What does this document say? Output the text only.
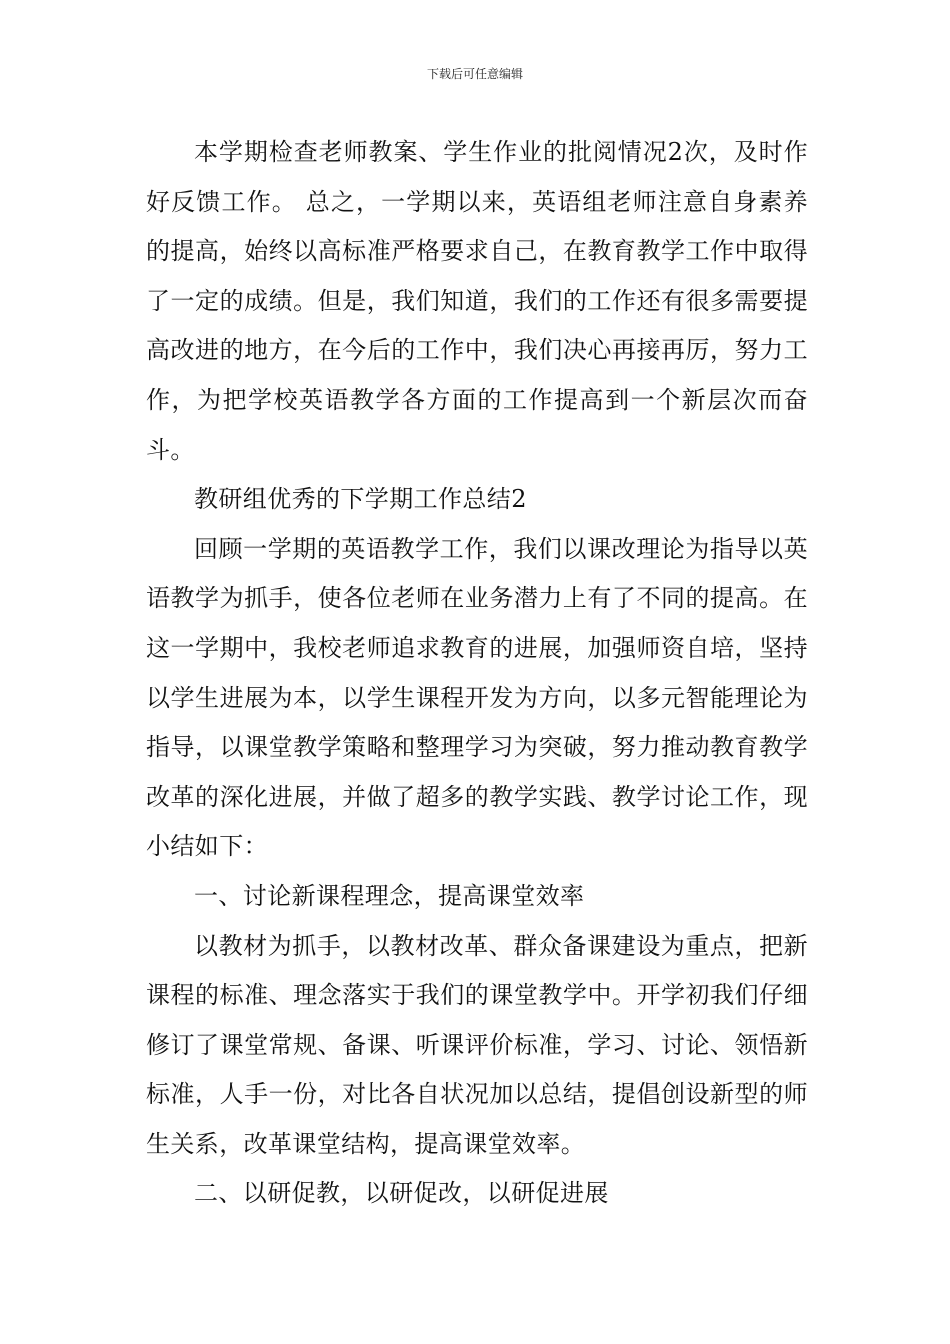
下载后可任意编辑

本学期检查老师教案、学生作业的批阅情况2次，及时作好反馈工作。 总之，一学期以来，英语组老师注意自身素养的提高，始终以高标准严格要求自己，在教育教学工作中取得了一定的成绩。但是，我们知道，我们的工作还有很多需要提高改进的地方，在今后的工作中，我们决心再接再厉，努力工作，为把学校英语教学各方面的工作提高到一个新层次而奋斗。

教研组优秀的下学期工作总结2

回顾一学期的英语教学工作，我们以课改理论为指导以英语教学为抓手，使各位老师在业务潜力上有了不同的提高。在这一学期中，我校老师追求教育的进展，加强师资自培，坚持以学生进展为本，以学生课程开发为方向，以多元智能理论为指导，以课堂教学策略和整理学习为突破，努力推动教育教学改革的深化进展，并做了超多的教学实践、教学讨论工作，现小结如下：

一、讨论新课程理念，提高课堂效率

以教材为抓手，以教材改革、群众备课建设为重点，把新课程的标准、理念落实于我们的课堂教学中。开学初我们仔细修订了课堂常规、备课、听课评价标准，学习、讨论、领悟新标准，人手一份，对比各自状况加以总结，提倡创设新型的师生关系，改革课堂结构，提高课堂效率。

二、以研促教，以研促改，以研促进展
